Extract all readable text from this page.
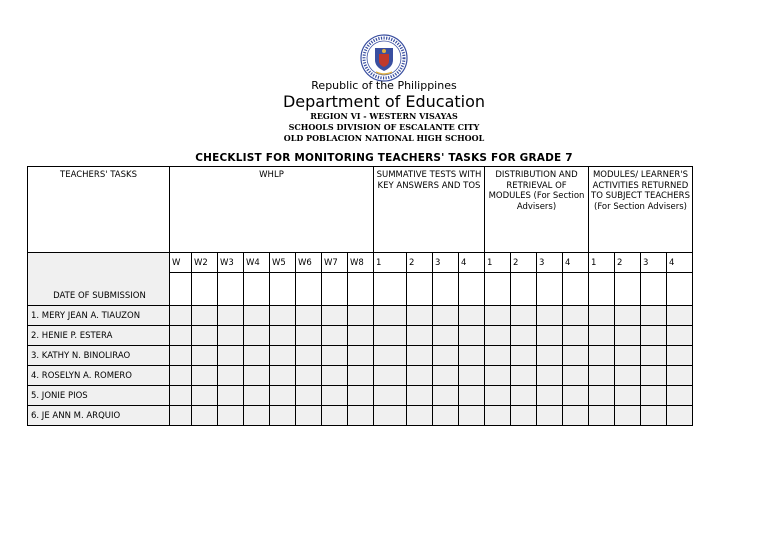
Republic of the Philippines
Department of Education
REGION VI - WESTERN VISAYAS
SCHOOLS DIVISION OF ESCALANTE CITY
OLD POBLACION NATIONAL HIGH SCHOOL
CHECKLIST FOR MONITORING TEACHERS' TASKS FOR GRADE 7
TEACHERS' TASKS	WHLP								SUMMATIVE TESTS WITH KEY ANSWERS AND TOS				DISTRIBUTION AND RETRIEVAL OF MODULES (For Section Advisers)				MODULES/ LEARNER'S ACTIVITIES RETURNED TO SUBJECT TEACHERS (For Section Advisers)			
DATE OF SUBMISSION	W	W2	W3	W4	W5	W6	W7	W8	1	2	3	4	1	2	3	4	1	2	3	4

1. MERY JEAN A. TIAUZON																				
2. HENIE P. ESTERA																				
3. KATHY N. BINOLIRAO																				
4. ROSELYN A. ROMERO																				
5. JONIE PIOS																				
6. JE ANN M. ARQUIO																				
